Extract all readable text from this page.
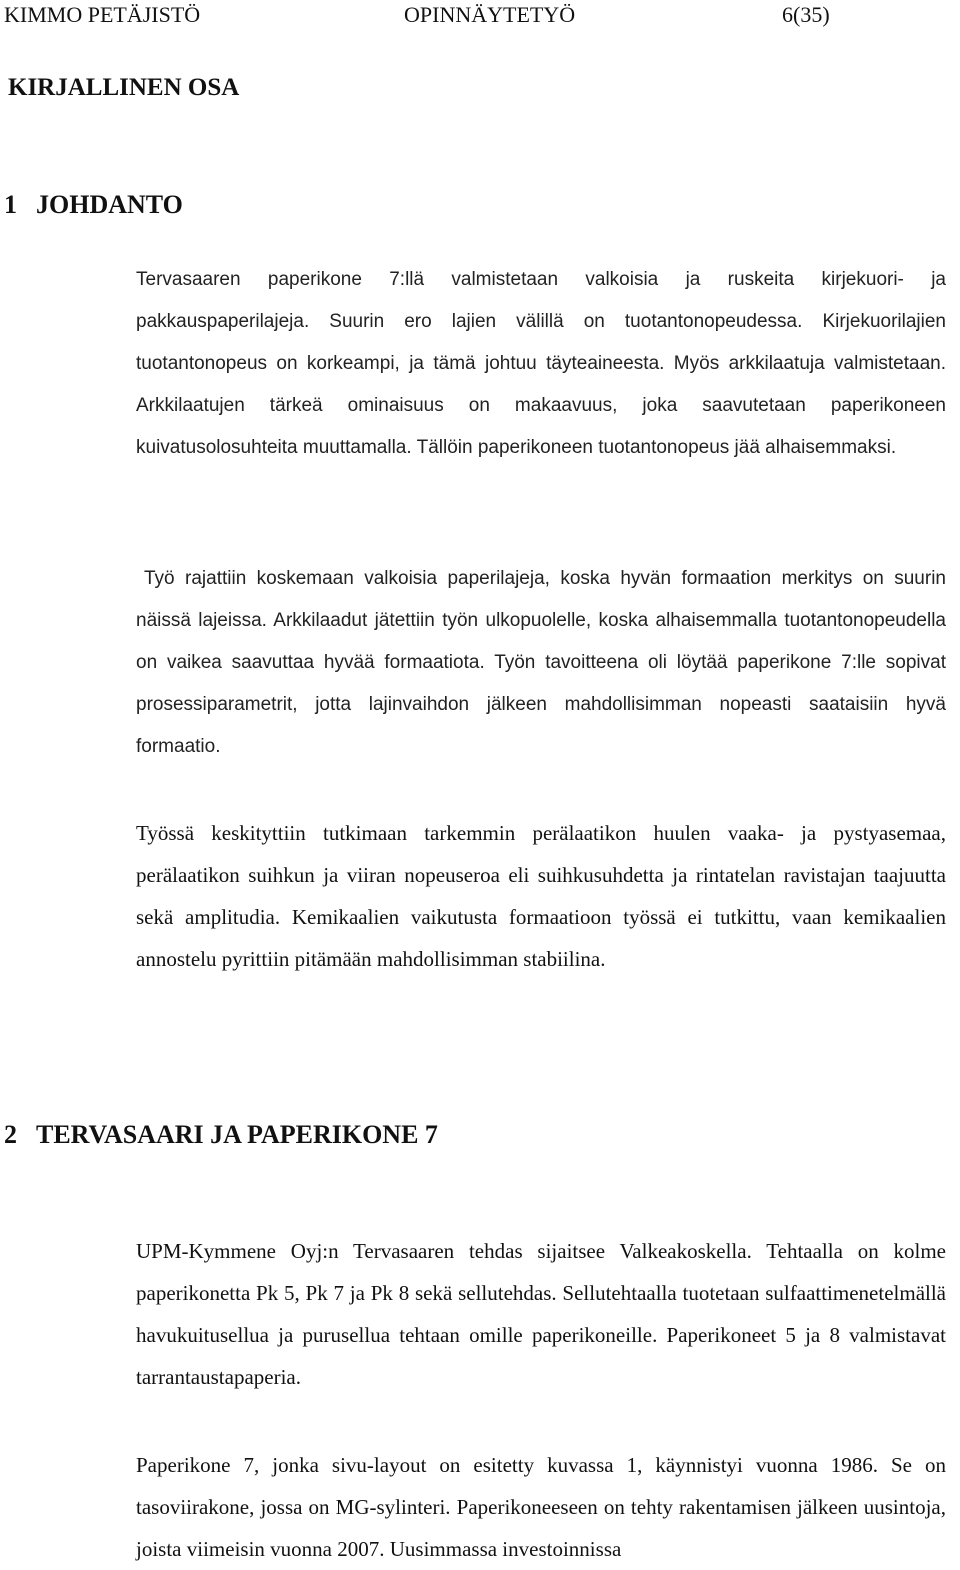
KIMMO PETÄJISTÖ	OPINNÄYTETYÖ	6(35)
KIRJALLINEN OSA
1 JOHDANTO

Tervasaaren paperikone 7:llä valmistetaan valkoisia ja ruskeita kirjekuori- ja pakkauspaperilajeja. Suurin ero lajien välillä on tuotantonopeudessa. Kirjekuorilajien tuotantonopeus on korkeampi, ja tämä johtuu täyteaineesta. Myös arkkilaatuja valmistetaan. Arkkilaatujen tärkeä ominaisuus on makaavuus, joka saavutetaan paperikoneen kuivatusolosuhteita muuttamalla. Tällöin paperikoneen tuotantonopeus jää alhaisemmaksi.

Työ rajattiin koskemaan valkoisia paperilajeja, koska hyvän formaation merkitys on suurin näissä lajeissa. Arkkilaadut jätettiin työn ulkopuolelle, koska alhaisemmalla tuotantonopeudella on vaikea saavuttaa hyvää formaatiota. Työn tavoitteena oli löytää paperikone 7:lle sopivat prosessiparametrit, jotta lajinvaihdon jälkeen mahdollisimman nopeasti saataisiin hyvä formaatio.

Työssä keskityttiin tutkimaan tarkemmin perälaatikon huulen vaaka- ja pystyasemaa, perälaatikon suihkun ja viiran nopeuseroa eli suihkusuhdetta ja rintatelan ravistajan taajuutta sekä amplitudia. Kemikaalien vaikutusta formaatioon työssä ei tutkittu, vaan kemikaalien annostelu pyrittiin pitämään mahdollisimman stabiilina.

2 TERVASAARI JA PAPERIKONE 7

UPM-Kymmene Oyj:n Tervasaaren tehdas sijaitsee Valkeakoskella. Tehtaalla on kolme paperikonetta Pk 5, Pk 7 ja Pk 8 sekä sellutehdas. Sellutehtaalla tuotetaan sulfaattimenetelmällä havukuitusellua ja purusellua tehtaan omille paperikoneille. Paperikoneet 5 ja 8 valmistavat tarrantaustapaperia.

Paperikone 7, jonka sivu-layout on esitetty kuvassa 1, käynnistyi vuonna 1986. Se on tasoviirakone, jossa on MG-sylinteri. Paperikoneeseen on tehty rakentamisen jälkeen uusintoja, joista viimeisin vuonna 2007. Uusimmassa investoinnissa
